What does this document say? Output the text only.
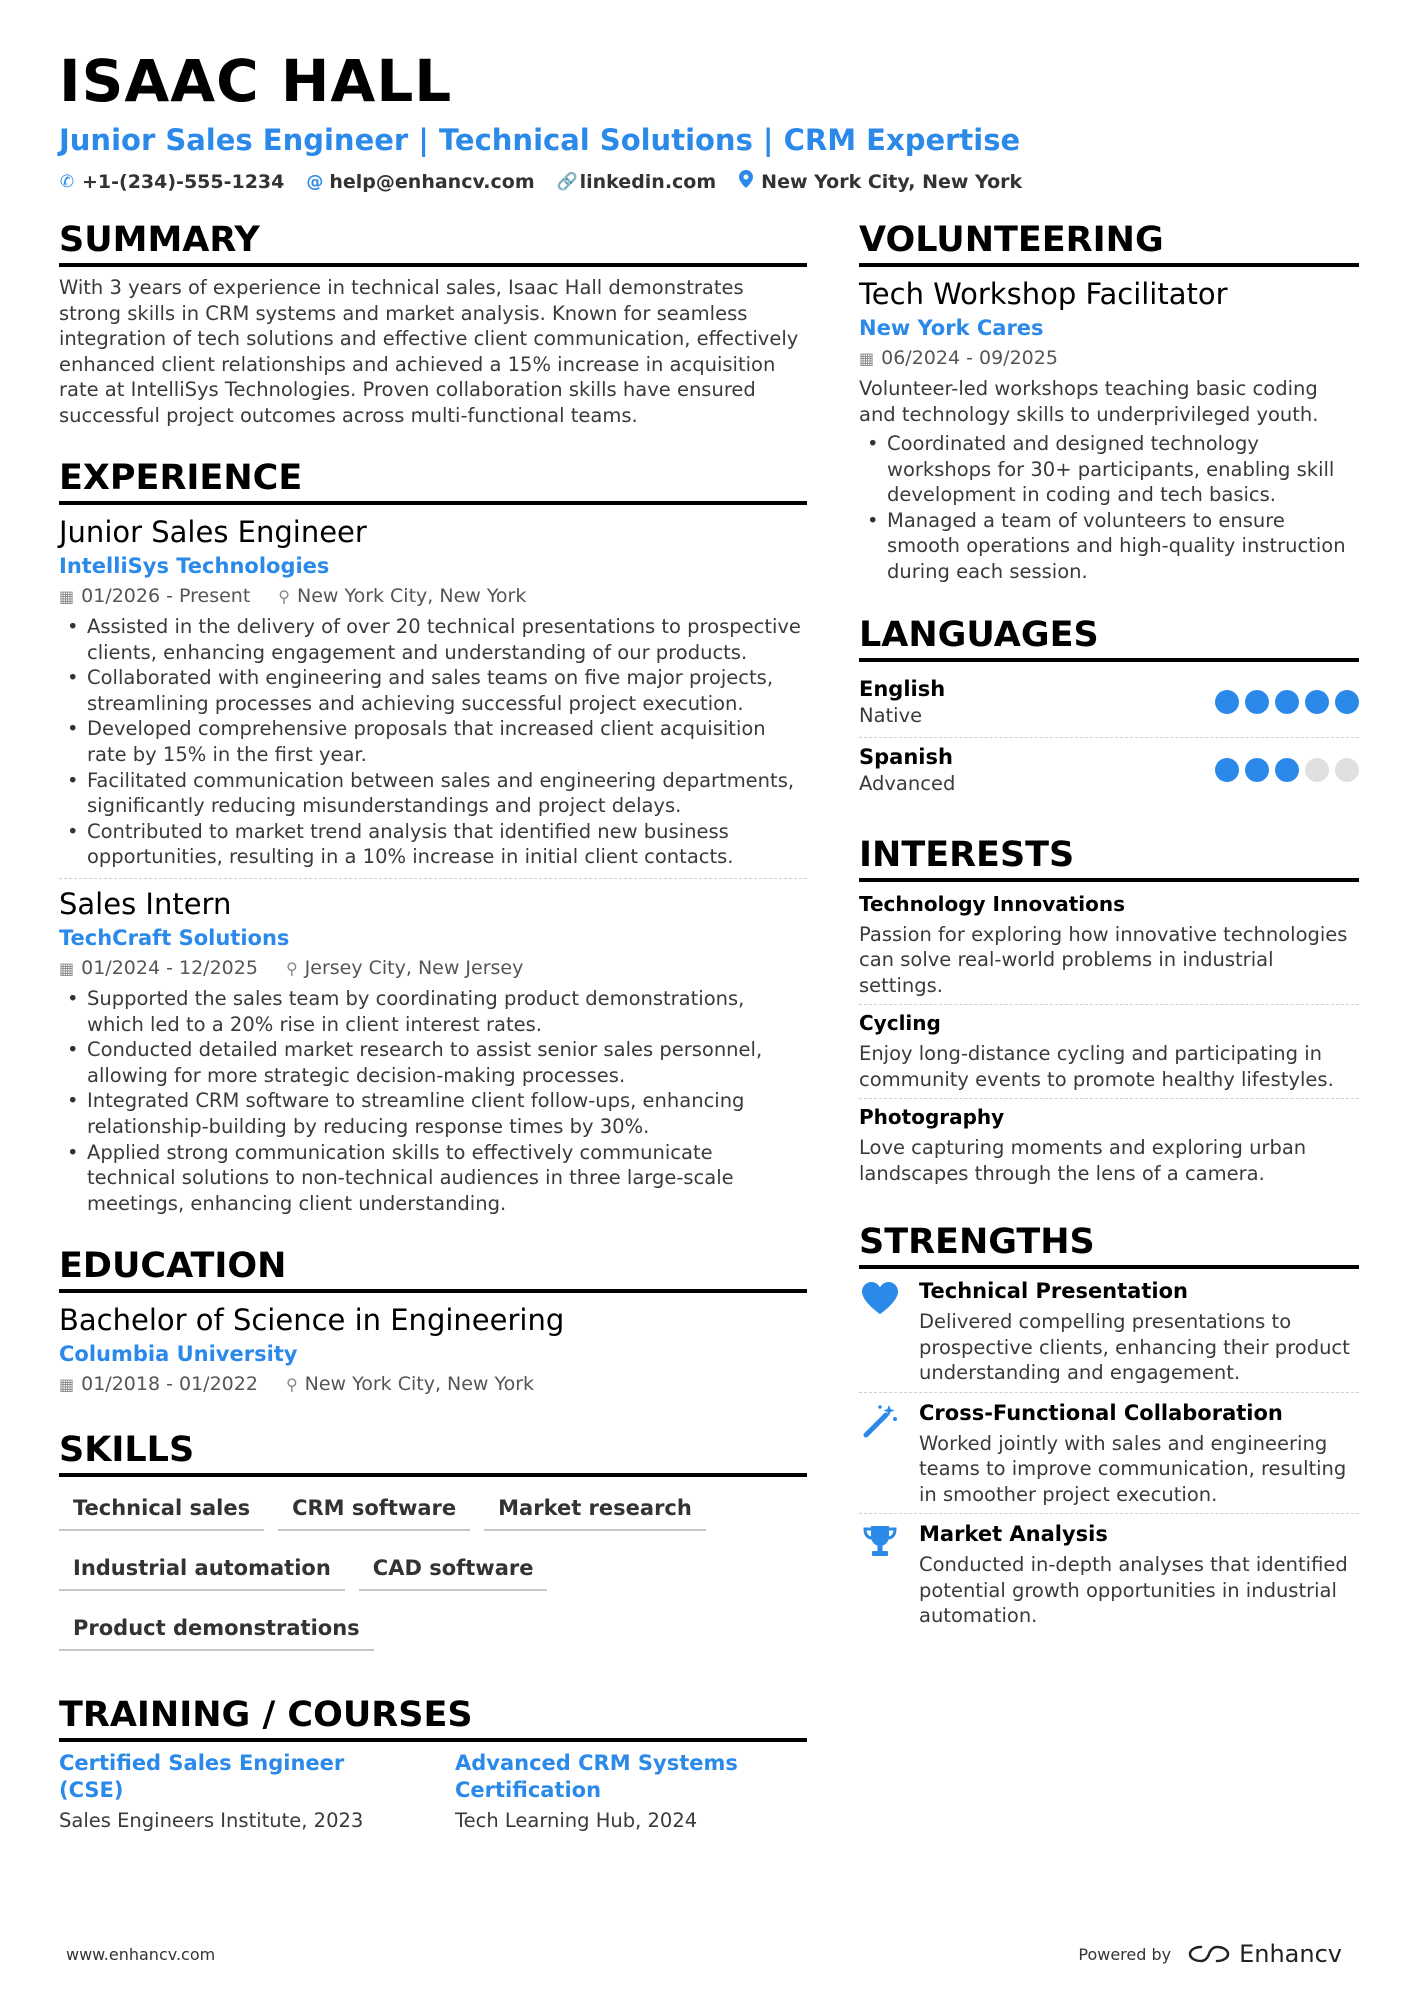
ISAAC HALL
Junior Sales Engineer | Technical Solutions | CRM Expertise
✆ +1-(234)-555-1234 @ help@enhancv.com 🔗 linkedin.com New York City, New York
SUMMARY
With 3 years of experience in technical sales, Isaac Hall demonstrates strong skills in CRM systems and market analysis. Known for seamless integration of tech solutions and effective client communication, effectively enhanced client relationships and achieved a 15% increase in acquisition rate at IntelliSys Technologies. Proven collaboration skills have ensured successful project outcomes across multi-functional teams.
EXPERIENCE
Junior Sales Engineer
IntelliSys Technologies
▦ 01/2026 - Present ⚲ New York City, New York
• Assisted in the delivery of over 20 technical presentations to prospective clients, enhancing engagement and understanding of our products.
• Collaborated with engineering and sales teams on five major projects, streamlining processes and achieving successful project execution.
• Developed comprehensive proposals that increased client acquisition rate by 15% in the first year.
• Facilitated communication between sales and engineering departments, significantly reducing misunderstandings and project delays.
• Contributed to market trend analysis that identified new business opportunities, resulting in a 10% increase in initial client contacts.
Sales Intern
TechCraft Solutions
▦ 01/2024 - 12/2025 ⚲ Jersey City, New Jersey
• Supported the sales team by coordinating product demonstrations, which led to a 20% rise in client interest rates.
• Conducted detailed market research to assist senior sales personnel, allowing for more strategic decision-making processes.
• Integrated CRM software to streamline client follow-ups, enhancing relationship-building by reducing response times by 30%.
• Applied strong communication skills to effectively communicate technical solutions to non-technical audiences in three large-scale meetings, enhancing client understanding.
EDUCATION
Bachelor of Science in Engineering
Columbia University
▦ 01/2018 - 01/2022 ⚲ New York City, New York
SKILLS
Technical sales	CRM software	Market research
Industrial automation	CAD software
Product demonstrations
TRAINING / COURSES
Certified Sales Engineer (CSE)
Sales Engineers Institute, 2023
Advanced CRM Systems Certification
Tech Learning Hub, 2024
VOLUNTEERING
Tech Workshop Facilitator
New York Cares
▦ 06/2024 - 09/2025
Volunteer-led workshops teaching basic coding and technology skills to underprivileged youth.
• Coordinated and designed technology workshops for 30+ participants, enabling skill development in coding and tech basics.
• Managed a team of volunteers to ensure smooth operations and high-quality instruction during each session.
LANGUAGES
English
Native
Spanish
Advanced
INTERESTS
Technology Innovations
Passion for exploring how innovative technologies can solve real-world problems in industrial settings.
Cycling
Enjoy long-distance cycling and participating in community events to promote healthy lifestyles.
Photography
Love capturing moments and exploring urban landscapes through the lens of a camera.
STRENGTHS
Technical Presentation
Delivered compelling presentations to prospective clients, enhancing their product understanding and engagement.
Cross-Functional Collaboration
Worked jointly with sales and engineering teams to improve communication, resulting in smoother project execution.
Market Analysis
Conducted in-depth analyses that identified potential growth opportunities in industrial automation.
www.enhancv.com	Powered by	Enhancv
